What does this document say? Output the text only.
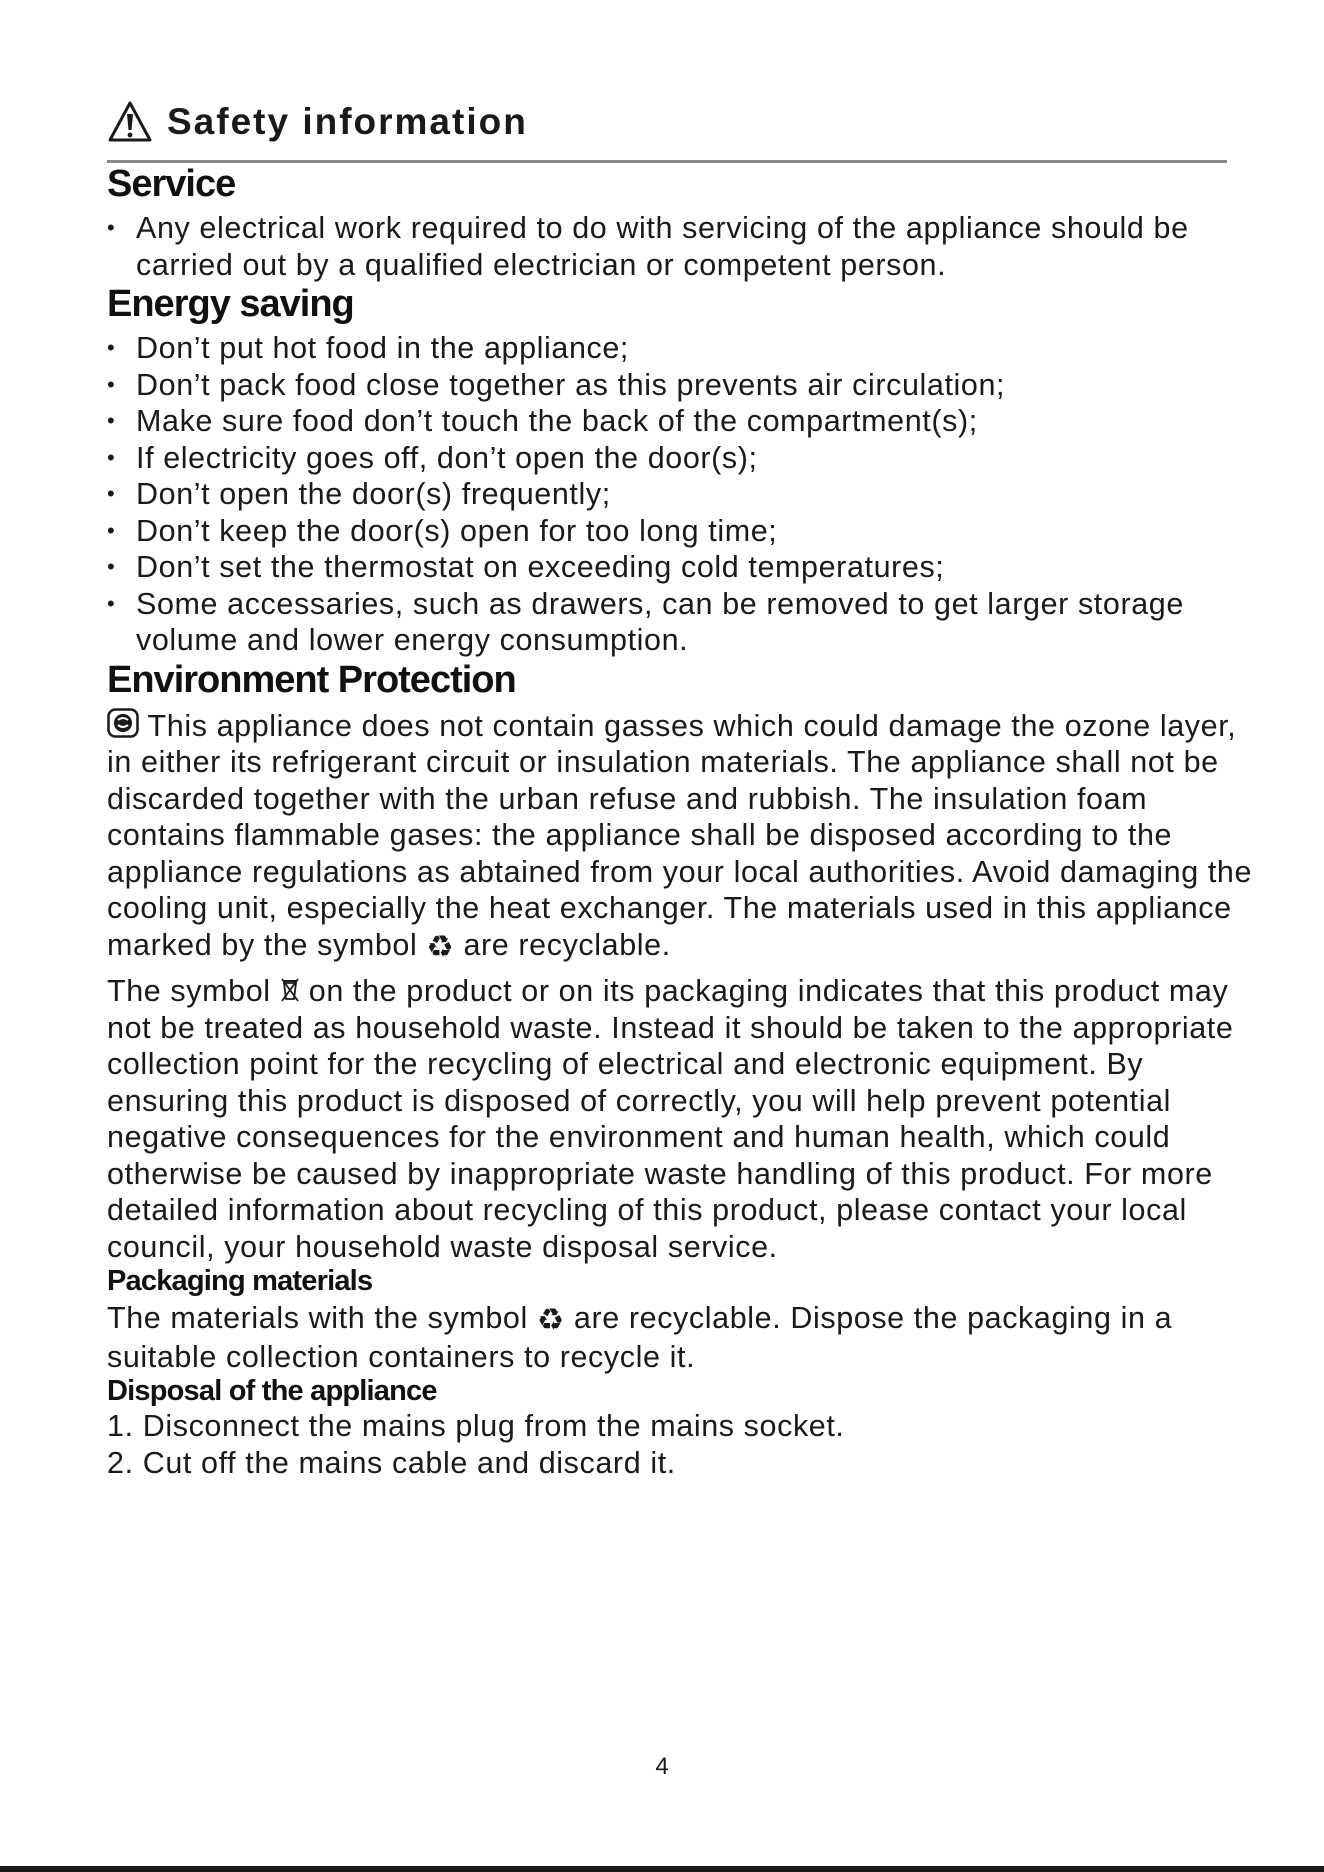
Safety information
Service
• Any electrical work required to do with servicing of the appliance should be carried out by a qualified electrician or competent person.
Energy saving
• Don’t put hot food in the appliance;
• Don’t pack food close together as this prevents air circulation;
• Make sure food don’t touch the back of the compartment(s);
• If electricity goes off, don’t open the door(s);
• Don’t open the door(s) frequently;
• Don’t keep the door(s) open for too long time;
• Don’t set the thermostat on exceeding cold temperatures;
• Some accessaries, such as drawers, can be removed to get larger storage volume and lower energy consumption.
Environment Protection

This appliance does not contain gasses which could damage the ozone layer, in either its refrigerant circuit or insulation materials. The appliance shall not be discarded together with the urban refuse and rubbish. The insulation foam contains flammable gases: the appliance shall be disposed according to the appliance regulations as abtained from your local authorities. Avoid damaging the cooling unit, especially the heat exchanger. The materials used in this appliance marked by the symbol ♻ are recyclable.

The symbol  on the product or on its packaging indicates that this product may not be treated as household waste. Instead it should be taken to the appropriate collection point for the recycling of electrical and electronic equipment. By ensuring this product is disposed of correctly, you will help prevent potential negative consequences for the environment and human health, which could otherwise be caused by inappropriate waste handling of this product. For more detailed information about recycling of this product, please contact your local council, your household waste disposal service.

Packaging materials

The materials with the symbol ♻ are recyclable. Dispose the packaging in a suitable collection containers to recycle it.

Disposal of the appliance
1. Disconnect the mains plug from the mains socket.
2. Cut off the mains cable and discard it.
4
